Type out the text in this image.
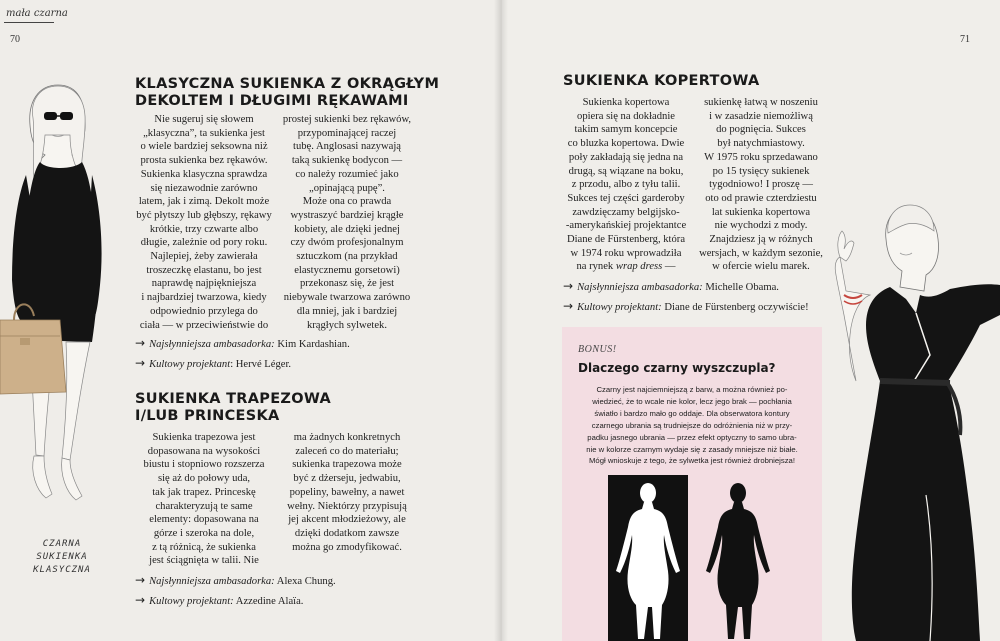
mała czarna
70	71
CZARNA
SUKIENKA
KLASYCZNA
KLASYCZNA SUKIENKA Z OKRĄGŁYM
DEKOLTEM I DŁUGIMI RĘKAWAMI
Nie sugeruj się słowem
„klasyczna”, ta sukienka jest
o wiele bardziej seksowna niż
prosta sukienka bez rękawów.
Sukienka klasyczna sprawdza
się niezawodnie zarówno
latem, jak i zimą. Dekolt może
być płytszy lub głębszy, rękawy
krótkie, trzy czwarte albo
długie, zależnie od pory roku.
Najlepiej, żeby zawierała
troszeczkę elastanu, bo jest
naprawdę najpiękniejsza
i najbardziej twarzowa, kiedy
odpowiednio przylega do
ciała — w przeciwieństwie do
prostej sukienki bez rękawów,
przypominającej raczej
tubę. Anglosasi nazywają
taką sukienkę bodycon —
co należy rozumieć jako
„opinającą pupę”.
Może ona co prawda
wystraszyć bardziej krągłe
kobiety, ale dzięki jednej
czy dwóm profesjonalnym
sztuczkom (na przykład
elastycznemu gorsetowi)
przekonasz się, że jest
niebywale twarzowa zarówno
dla mniej, jak i bardziej
krągłych sylwetek.
→ Najsłynniejsza ambasadorka: Kim Kardashian.
→ Kultowy projektant: Hervé Léger.
SUKIENKA TRAPEZOWA
I/LUB PRINCESKA
Sukienka trapezowa jest
dopasowana na wysokości
biustu i stopniowo rozszerza
się aż do połowy uda,
tak jak trapez. Princeskę
charakteryzują te same
elementy: dopasowana na
górze i szeroka na dole,
z tą różnicą, że sukienka
jest ściągnięta w talii. Nie
ma żadnych konkretnych
zaleceń co do materiału;
sukienka trapezowa może
być z dżerseju, jedwabiu,
popeliny, bawełny, a nawet
wełny. Niektórzy przypisują
jej akcent młodzieżowy, ale
dzięki dodatkom zawsze
można go zmodyfikować.
→ Najsłynniejsza ambasadorka: Alexa Chung.
→ Kultowy projektant: Azzedine Alaïa.
SUKIENKA KOPERTOWA
Sukienka kopertowa
opiera się na dokładnie
takim samym koncepcie
co bluzka kopertowa. Dwie
poły zakładają się jedna na
drugą, są wiązane na boku,
z przodu, albo z tyłu talii.
Sukces tej części garderoby
zawdzięczamy belgijsko-
-amerykańskiej projektantce
Diane de Fürstenberg, która
w 1974 roku wprowadziła
na rynek wrap dress —
sukienkę łatwą w noszeniu
i w zasadzie niemożliwą
do pognięcia. Sukces
był natychmiastowy.
W 1975 roku sprzedawano
po 15 tysięcy sukienek
tygodniowo! I proszę —
oto od prawie czterdziestu
lat sukienka kopertowa
nie wychodzi z mody.
Znajdziesz ją w różnych
wersjach, w każdym sezonie,
w ofercie wielu marek.
→ Najsłynniejsza ambasadorka: Michelle Obama.
→ Kultowy projektant: Diane de Fürstenberg oczywiście!
BONUS!
Dlaczego czarny wyszczupla?
Czarny jest najciemniejszą z barw, a można również po-
wiedzieć, że to wcale nie kolor, lecz jego brak — pochłania
światło i bardzo mało go oddaje. Dla obserwatora kontury
czarnego ubrania są trudniejsze do odróżnienia niż w przy-
padku jasnego ubrania — przez efekt optyczny to samo ubra-
nie w kolorze czarnym wydaje się z zasady mniejsze niż białe.
Mógł wnioskuje z tego, że sylwetka jest również drobniejsza!
